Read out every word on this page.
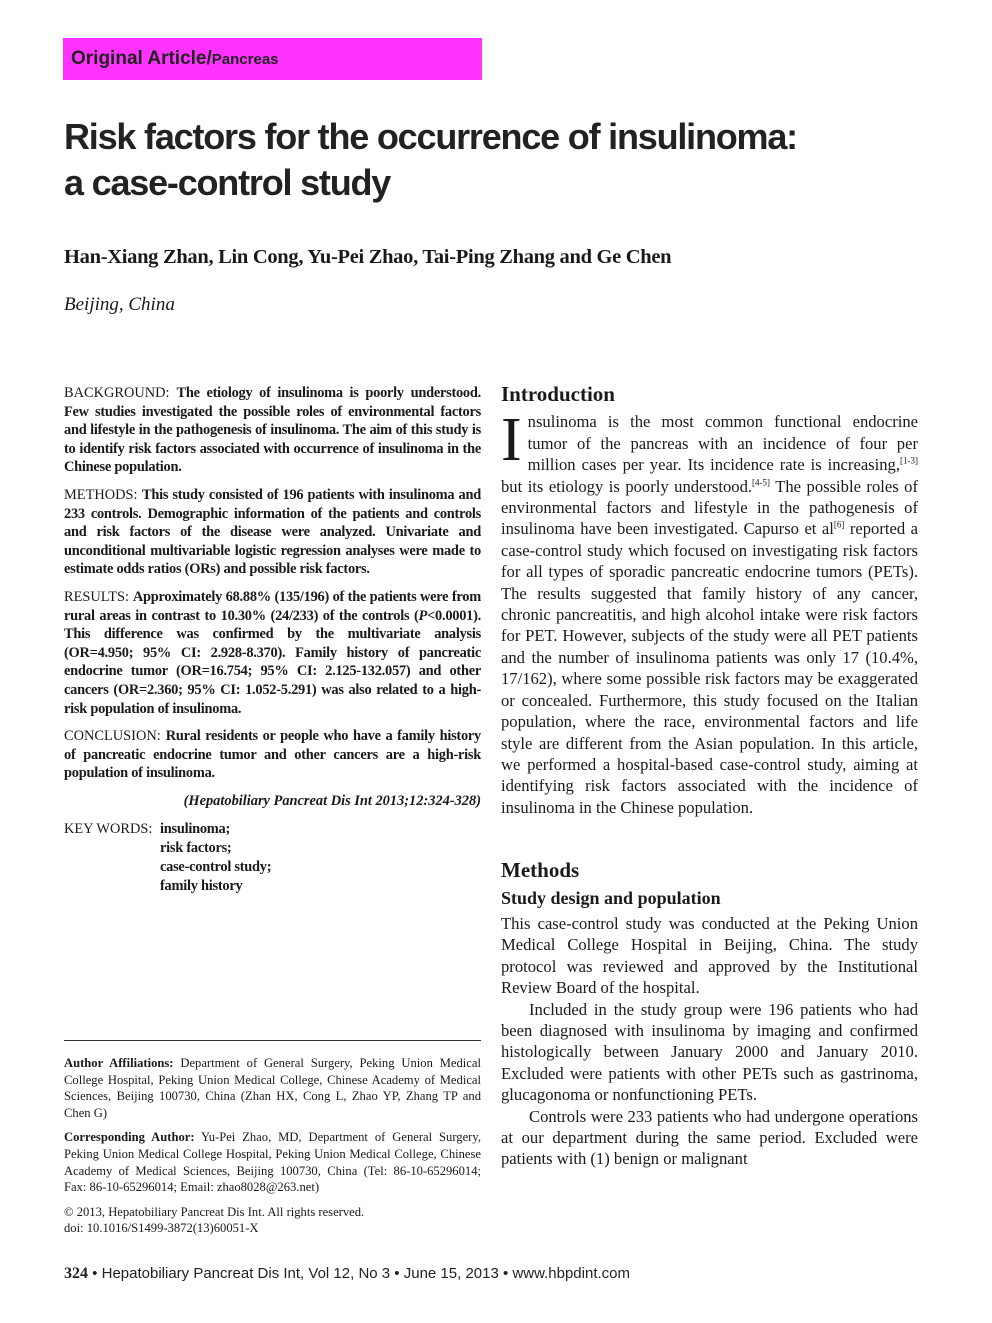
Original Article/Pancreas
Risk factors for the occurrence of insulinoma:
a case-control study

Han-Xiang Zhan, Lin Cong, Yu-Pei Zhao, Tai-Ping Zhang and Ge Chen

Beijing, China

BACKGROUND: The etiology of insulinoma is poorly understood. Few studies investigated the possible roles of environmental factors and lifestyle in the pathogenesis of insulinoma. The aim of this study is to identify risk factors associated with occurrence of insulinoma in the Chinese population.

METHODS: This study consisted of 196 patients with insulinoma and 233 controls. Demographic information of the patients and controls and risk factors of the disease were analyzed. Univariate and unconditional multivariable logistic regression analyses were made to estimate odds ratios (ORs) and possible risk factors.

RESULTS: Approximately 68.88% (135/196) of the patients were from rural areas in contrast to 10.30% (24/233) of the controls (P<0.0001). This difference was confirmed by the multivariate analysis (OR=4.950; 95% CI: 2.928-8.370). Family history of pancreatic endocrine tumor (OR=16.754; 95% CI: 2.125-132.057) and other cancers (OR=2.360; 95% CI: 1.052-5.291) was also related to a high-risk population of insulinoma.

CONCLUSION: Rural residents or people who have a family history of pancreatic endocrine tumor and other cancers are a high-risk population of insulinoma.

(Hepatobiliary Pancreat Dis Int 2013;12:324-328)
KEY WORDS: insulinoma;
risk factors;
case-control study;
family history

Author Affiliations: Department of General Surgery, Peking Union Medical College Hospital, Peking Union Medical College, Chinese Academy of Medical Sciences, Beijing 100730, China (Zhan HX, Cong L, Zhao YP, Zhang TP and Chen G)

Corresponding Author: Yu-Pei Zhao, MD, Department of General Surgery, Peking Union Medical College Hospital, Peking Union Medical College, Chinese Academy of Medical Sciences, Beijing 100730, China (Tel: 86-10-65296014; Fax: 86-10-65296014; Email: zhao8028@263.net)

© 2013, Hepatobiliary Pancreat Dis Int. All rights reserved.
doi: 10.1016/S1499-3872(13)60051-X

Introduction

Insulinoma is the most common functional endocrine tumor of the pancreas with an incidence of four per million cases per year. Its incidence rate is increasing,[1-3] but its etiology is poorly understood.[4-5] The possible roles of environmental factors and lifestyle in the pathogenesis of insulinoma have been investigated. Capurso et al[6] reported a case-control study which focused on investigating risk factors for all types of sporadic pancreatic endocrine tumors (PETs). The results suggested that family history of any cancer, chronic pancreatitis, and high alcohol intake were risk factors for PET. However, subjects of the study were all PET patients and the number of insulinoma patients was only 17 (10.4%, 17/162), where some possible risk factors may be exaggerated or concealed. Furthermore, this study focused on the Italian population, where the race, environmental factors and life style are different from the Asian population. In this article, we performed a hospital-based case-control study, aiming at identifying risk factors associated with the incidence of insulinoma in the Chinese population.

Methods
Study design and population

This case-control study was conducted at the Peking Union Medical College Hospital in Beijing, China. The study protocol was reviewed and approved by the Institutional Review Board of the hospital.

Included in the study group were 196 patients who had been diagnosed with insulinoma by imaging and confirmed histologically between January 2000 and January 2010. Excluded were patients with other PETs such as gastrinoma, glucagonoma or nonfunctioning PETs.

Controls were 233 patients who had undergone operations at our department during the same period. Excluded were patients with (1) benign or malignant

324 • Hepatobiliary Pancreat Dis Int, Vol 12, No 3 • June 15, 2013 • www.hbpdint.com
